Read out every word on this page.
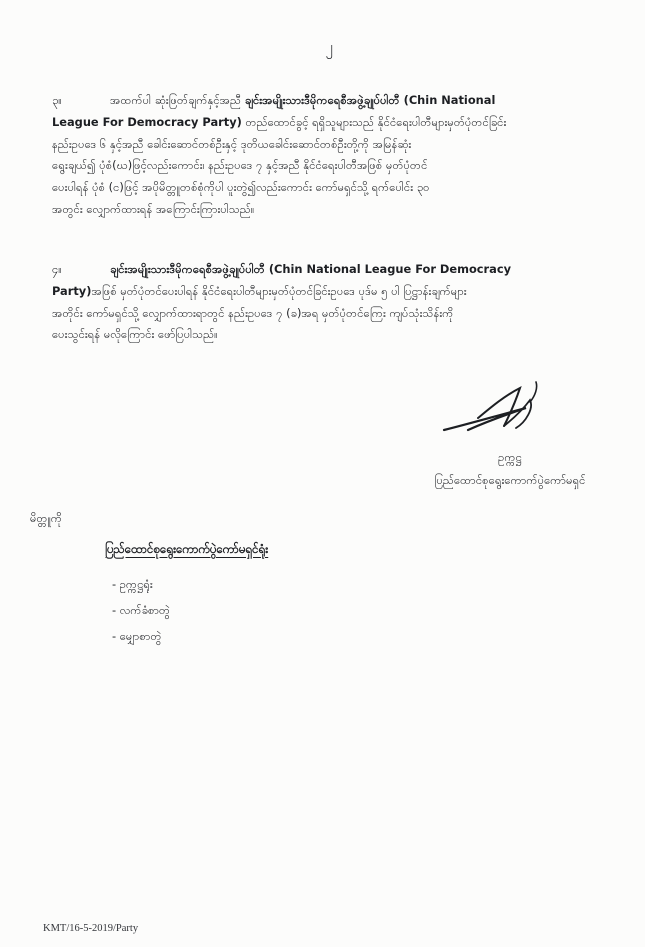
၂
၃။	အထက်ပါ ဆုံးဖြတ်ချက်နှင့်အညီ ချင်းအမျိုးသားဒီမိုကရေစီအဖွဲ့ချုပ်ပါတီ (Chin National
League For Democracy Party) တည်ထောင်ခွင့် ရရှိသူများသည် နိုင်ငံရေးပါတီများမှတ်ပုံတင်ခြင်း
နည်းဥပဒေ ၆ နှင့်အညီ ခေါင်းဆောင်တစ်ဦးနှင့် ဒုတိယခေါင်းဆောင်တစ်ဦးတို့ကို အမြန်ဆုံး
ရွေးချယ်၍ ပုံစံ(ဃ)ဖြင့်လည်းကောင်း၊ နည်းဥပဒေ ၇ နှင့်အညီ နိုင်ငံရေးပါတီအဖြစ် မှတ်ပုံတင်
ပေးပါရန် ပုံစံ (င)ဖြင့် အပိုမိတ္တူတစ်စုံကိုပါ ပူးတွဲ၍လည်းကောင်း ကော်မရှင်သို့ ရက်ပေါင်း ၃၀
အတွင်း လျှောက်ထားရန် အကြောင်းကြားပါသည်။
၄။	ချင်းအမျိုးသားဒီမိုကရေစီအဖွဲ့ချုပ်ပါတီ (Chin National League For Democracy
Party)အဖြစ် မှတ်ပုံတင်ပေးပါရန် နိုင်ငံရေးပါတီများမှတ်ပုံတင်ခြင်းဥပဒေ ပုဒ်မ ၅ ပါ ပြဋ္ဌာန်းချက်များ
အတိုင်း ကော်မရှင်သို့ လျှောက်ထားရာတွင် နည်းဥပဒေ ၇ (ခ)အရ မှတ်ပုံတင်ကြေး ကျပ်သုံးသိန်းကို
ပေးသွင်းရန် မလိုကြောင်း ဖော်ပြပါသည်။
ဥက္ကဋ္ဌ
ပြည်ထောင်စုရွေးကောက်ပွဲကော်မရှင်
မိတ္တူကို
ပြည်ထောင်စုရွေးကောက်ပွဲကော်မရှင်ရုံး
- ဥက္ကဋ္ဌရုံး
- လက်ခံစာတွဲ
- မျှောစာတွဲ
KMT/16-5-2019/Party
